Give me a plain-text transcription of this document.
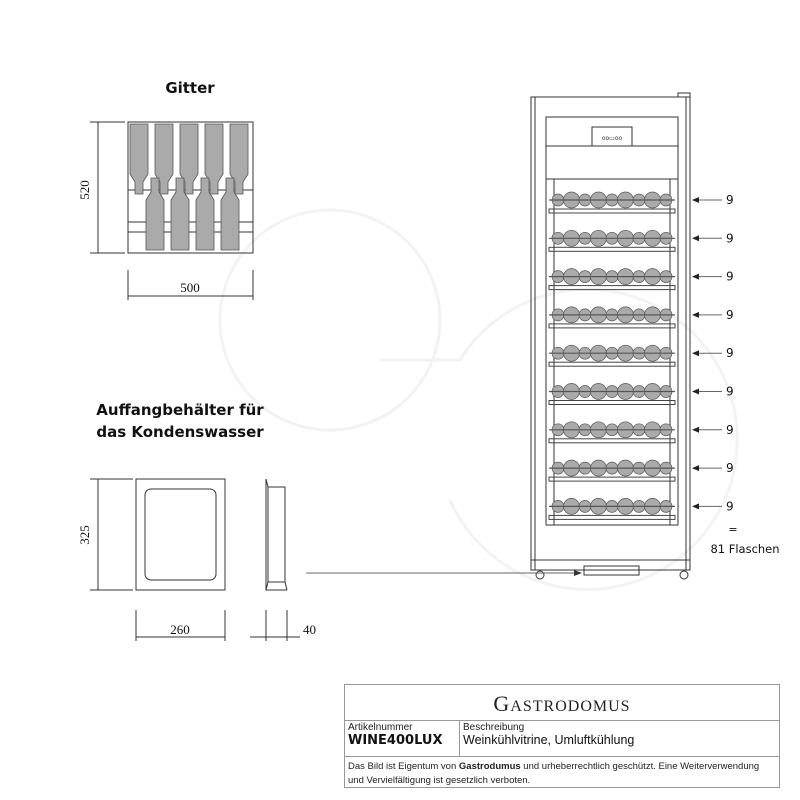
Gitter
520
500
Auffangbehälter für
das Kondenswasser
325
260	40
oo▭oo
9
9
9
9
9
9
9
9
9
=
81 Flaschen
GASTRODOMUS
Artikelnummer
WINE400LUX
Beschreibung
Weinkühlvitrine, Umluftkühlung
Das Bild ist Eigentum von Gastrodumus und urheberrechtlich geschützt. Eine Weiterverwendung und Vervielfältigung ist gesetzlich verboten.
